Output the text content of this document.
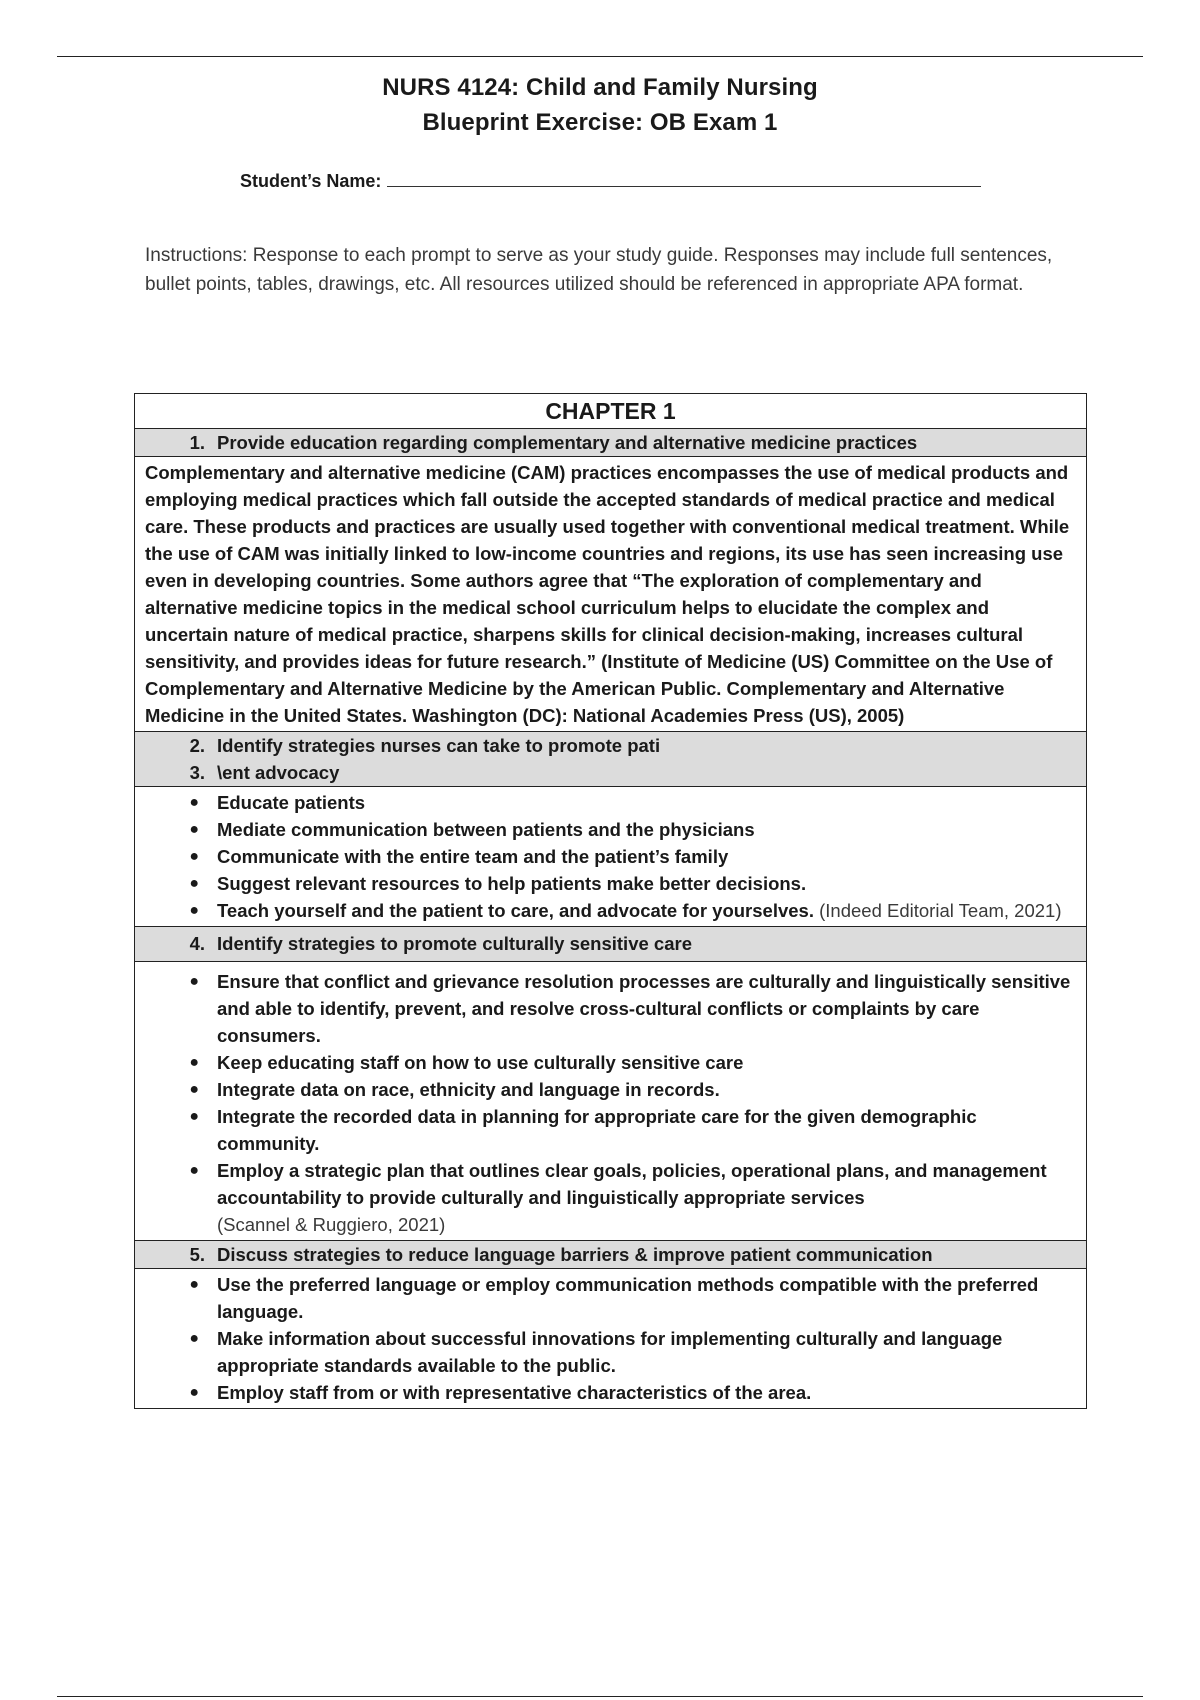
NURS 4124: Child and Family Nursing
Blueprint Exercise: OB Exam 1
Student’s Name:
Instructions: Response to each prompt to serve as your study guide. Responses may include full sentences, bullet points, tables, drawings, etc. All resources utilized should be referenced in appropriate APA format.
CHAPTER 1

1. Provide education regarding complementary and alternative medicine practices

Complementary and alternative medicine (CAM) practices encompasses the use of medical products and employing medical practices which fall outside the accepted standards of medical practice and medical care. These products and practices are usually used together with conventional medical treatment. While the use of CAM was initially linked to low-income countries and regions, its use has seen increasing use even in developing countries. Some authors agree that “The exploration of complementary and alternative medicine topics in the medical school curriculum helps to elucidate the complex and uncertain nature of medical practice, sharpens skills for clinical decision-making, increases cultural sensitivity, and provides ideas for future research.” (Institute of Medicine (US) Committee on the Use of Complementary and Alternative Medicine by the American Public. Complementary and Alternative Medicine in the United States. Washington (DC): National Academies Press (US), 2005)

2. Identify strategies nurses can take to promote pati
3. \ent advocacy

● Educate patients
● Mediate communication between patients and the physicians
● Communicate with the entire team and the patient’s family
● Suggest relevant resources to help patients make better decisions.
● Teach yourself and the patient to care, and advocate for yourselves. (Indeed Editorial Team, 2021)

4. Identify strategies to promote culturally sensitive care

● Ensure that conflict and grievance resolution processes are culturally and linguistically sensitive and able to identify, prevent, and resolve cross-cultural conflicts or complaints by care consumers.
● Keep educating staff on how to use culturally sensitive care
● Integrate data on race, ethnicity and language in records.
● Integrate the recorded data in planning for appropriate care for the given demographic community.
● Employ a strategic plan that outlines clear goals, policies, operational plans, and management accountability to provide culturally and linguistically appropriate services
(Scannel & Ruggiero, 2021)

5. Discuss strategies to reduce language barriers & improve patient communication

● Use the preferred language or employ communication methods compatible with the preferred language.
● Make information about successful innovations for implementing culturally and language appropriate standards available to the public.
● Employ staff from or with representative characteristics of the area.
